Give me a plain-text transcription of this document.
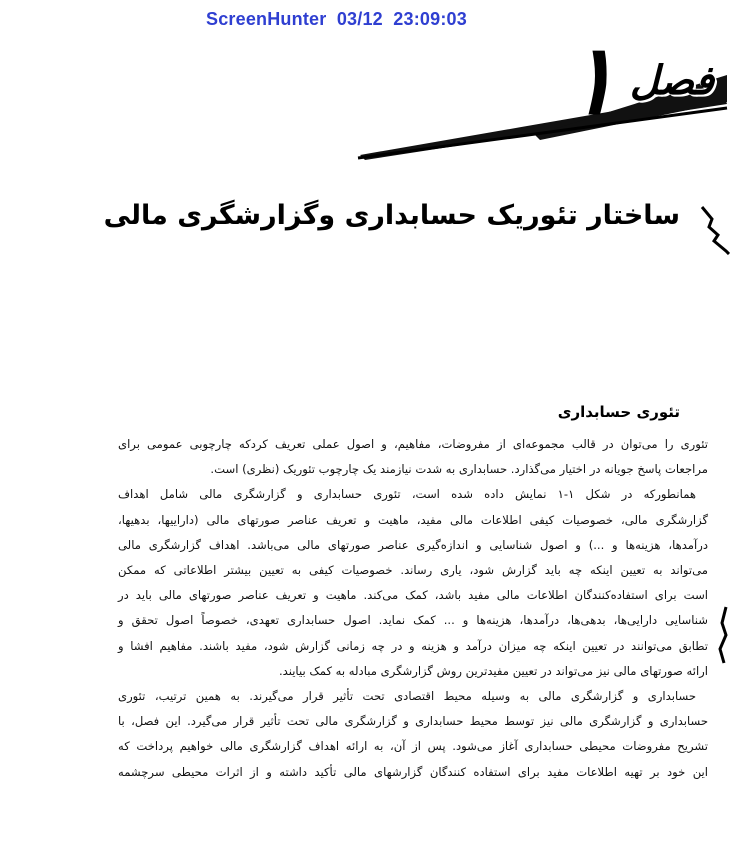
ScreenHunter  03/12  23:09:03
۱ فصل
ساختار تئوریک حسابداری وگزارشگری مالی
تئوری حسابداری

تئوری را می‌توان در قالب مجموعه‌ای از مفروضات، مفاهیم، و اصول عملی تعریف کردکه چارچوبی عمومی برای

مراجعات پاسخ جویانه در اختیار می‌گذارد. حسابداری به شدت نیازمند یک چارچوب تئوریک (نظری) است.

همانطورکه در شکل ۱-۱ نمایش داده شده است، تئوری حسابداری و گزارشگری مالی شامل اهداف

گزارشگری مالی، خصوصیات کیفی اطلاعات مالی مفید، ماهیت و تعریف عناصر صورتهای مالی (داراییها، بدهیها،

درآمدها، هزینه‌ها و ...) و اصول شناسایی و اندازه‌گیری عناصر صورتهای مالی می‌باشد. اهداف گزارشگری مالی

می‌تواند به تعیین اینکه چه باید گزارش شود، یاری رساند. خصوصیات کیفی به تعیین بیشتر اطلاعاتی که ممکن

است برای استفاده‌کنندگان اطلاعات مالی مفید باشد، کمک می‌کند. ماهیت و تعریف عناصر صورتهای مالی باید در

شناسایی دارایی‌ها، بدهی‌ها، درآمدها، هزینه‌ها و ... کمک نماید. اصول حسابداری تعهدی، خصوصاً اصول تحقق و

تطابق می‌توانند در تعیین اینکه چه میزان درآمد و هزینه و در چه زمانی گزارش شود، مفید باشند. مفاهیم افشا و

ارائه صورتهای مالی نیز می‌تواند در تعیین مفیدترین روش گزارشگری مبادله به کمک بیایند.

حسابداری و گزارشگری مالی به وسیله محیط اقتصادی تحت تأثیر قرار می‌گیرند. به همین ترتیب، تئوری

حسابداری و گزارشگری مالی نیز توسط محیط حسابداری و گزارشگری مالی تحت تأثیر قرار می‌گیرد. این فصل، با

تشریح مفروضات محیطی حسابداری آغاز می‌شود. پس از آن، به ارائه اهداف گزارشگری مالی خواهیم پرداخت که

این خود بر تهیه اطلاعات مفید برای استفاده کنندگان گزارشهای مالی تأکید داشته و از اثرات محیطی سرچشمه
